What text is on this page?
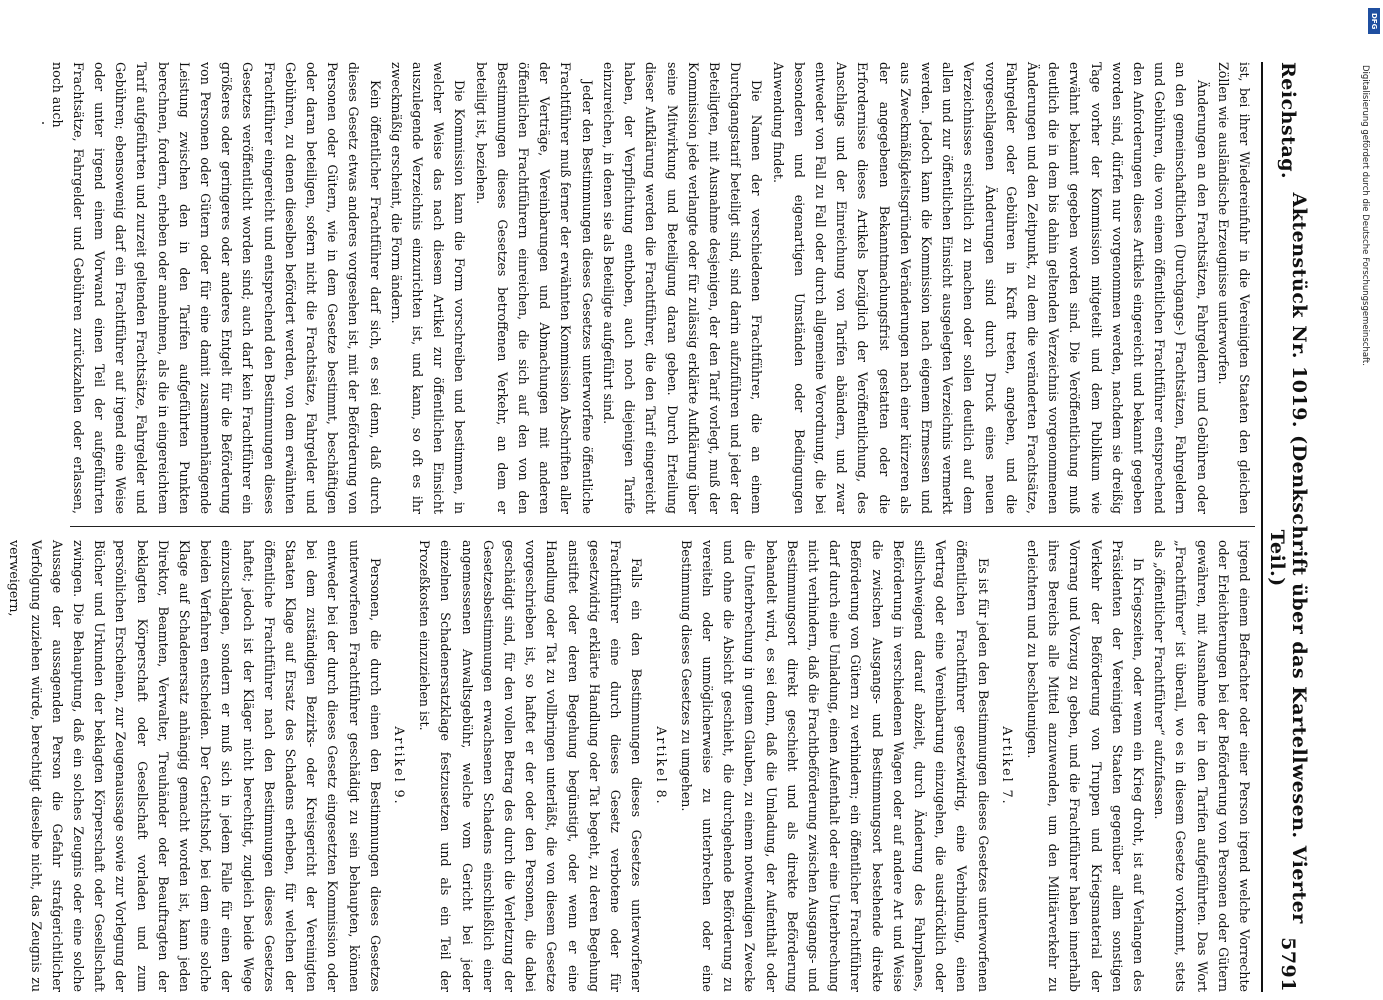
Reichstag.
Aktenstück Nr. 1019. (Denkschrift über das Kartellwesen. Vierter Teil.)
5791

ist, bei ihrer Wiedereinfuhr in die Vereinigten Staaten den gleichen Zöllen wie ausländische Erzeugnisse unterworfen.

Änderungen an den Frachtsätzen, Fahrgeldern und Gebühren oder an den gemeinschaftlichen (Durchgangs-) Frachtsätzen, Fahrgeldern und Gebühren, die von einem öffentlichen Frachtführer entsprechend den Anforderungen dieses Artikels eingereicht und bekannt gegeben worden sind, dürfen nur vorgenommen werden, nachdem sie dreißig Tage vorher der Kommission mitgeteilt und dem Publikum wie erwähnt bekannt gegeben worden sind. Die Veröffentlichung muß deutlich die in dem bis dahin geltenden Verzeichnis vorgenommenen Änderungen und den Zeitpunkt, zu dem die veränderten Frachtsätze, Fahrgelder oder Gebühren in Kraft treten, angeben, und die vorgeschlagenen Änderungen sind durch Druck eines neuen Verzeichnisses ersichtlich zu machen oder sollen deutlich auf dem allen und zur öffentlichen Einsicht ausgelegten Verzeichnis vermerkt werden. Jedoch kann die Kommission nach eigenem Ermessen und aus Zweckmäßigkeitsgründen Veränderungen nach einer kürzeren als der angegebenen Bekanntmachungsfrist gestatten oder die Erfordernisse dieses Artikels bezüglich der Veröffentlichung, des Anschlags und der Einreichung von Tarifen abändern, und zwar entweder von Fall zu Fall oder durch allgemeine Verordnung, die bei besonderen und eigenartigen Umständen oder Bedingungen Anwendung findet.

Die Namen der verschiedenen Frachtführer, die an einem Durchgangstarif beteiligt sind, sind darin aufzuführen und jeder der Beteiligten, mit Ausnahme desjenigen, der den Tarif vorlegt, muß der Kommission jede verlangte oder für zulässig erklärte Aufklärung über seine Mitwirkung und Beteiligung daran geben. Durch Erteilung dieser Aufklärung werden die Frachtführer, die den Tarif eingereicht haben, der Verpflichtung enthoben, auch noch diejenigen Tarife einzureichen, in denen sie als Beteiligte aufgeführt sind.

Jeder den Bestimmungen dieses Gesetzes unterworfene öffentliche Frachtführer muß ferner der erwähnten Kommission Abschriften aller der Verträge, Vereinbarungen und Abmachungen mit anderen öffentlichen Frachtführern einreichen, die sich auf den von den Bestimmungen dieses Gesetzes betroffenen Verkehr, an dem er beteiligt ist, beziehen.

Die Kommission kann die Form vorschreiben und bestimmen, in welcher Weise das nach diesem Artikel zur öffentlichen Einsicht auszulegende Verzeichnis einzurichten ist, und kann, so oft es ihr zweckmäßig erscheint, die Form ändern.

Kein öffentlicher Frachtführer darf sich, es sei denn, daß durch dieses Gesetz etwas anderes vorgesehen ist, mit der Beförderung von Personen oder Gütern, wie in dem Gesetze bestimmt, beschäftigen oder daran beteiligen, sofern nicht die Frachtsätze, Fahrgelder und Gebühren, zu denen dieselben befördert werden, von dem erwähnten Frachtführer eingereicht und entsprechend den Bestimmungen dieses Gesetzes veröffentlicht worden sind; auch darf kein Frachtführer ein größeres oder geringeres oder anderes Entgelt für die Beförderung von Personen oder Gütern oder für eine damit zusammenhängende Leistung zwischen den in den Tarifen aufgeführten Punkten berechnen, fordern, erheben oder annehmen, als die in eingereichtem Tarif aufgeführten und zurzeit geltenden Frachtsätze, Fahrgelder und Gebühren; ebensowenig darf ein Frachtführer auf irgend eine Weise oder unter irgend einem Vorwand einen Teil der aufgeführten Frachtsätze, Fahrgelder und Gebühren zurückzahlen oder erlassen, noch auch

irgend einem Befrachter oder einer Person irgend welche Vorrechte oder Erleichterungen bei der Beförderung von Personen oder Gütern gewähren, mit Ausnahme der in den Tarifen aufgeführten. Das Wort „Frachtführer“ ist überall, wo es in diesem Gesetze vorkommt, stets als „öffentlicher Frachtführer“ aufzufassen.

In Kriegszeiten, oder wenn ein Krieg droht, ist auf Verlangen des Präsidenten der Vereinigten Staaten gegenüber allem sonstigen Verkehr der Beförderung von Truppen und Kriegsmaterial der Vorrang und Vorzug zu geben, und die Frachtführer haben innerhalb ihres Bereichs alle Mittel anzuwenden, um den Militärverkehr zu erleichtern und zu beschleunigen.

Artikel 7.

Es ist für jeden den Bestimmungen dieses Gesetzes unterworfenen öffentlichen Frachtführer gesetzwidrig, eine Verbindung, einen Vertrag oder eine Vereinbarung einzugehen, die ausdrücklich oder stillschweigend darauf abzielt, durch Änderung des Fahrplanes, Beförderung in verschiedenen Wagen oder auf andere Art und Weise die zwischen Ausgangs- und Bestimmungsort bestehende direkte Beförderung von Gütern zu verhindern; ein öffentlicher Frachtführer darf durch eine Umladung, einen Aufenthalt oder eine Unterbrechung nicht verhindern, daß die Frachtbeförderung zwischen Ausgangs- und Bestimmungsort direkt geschieht und als direkte Beförderung behandelt wird, es sei denn, daß die Umladung, der Aufenthalt oder die Unterbrechung in gutem Glauben, zu einem notwendigen Zwecke und ohne die Absicht geschieht, die durchgehende Beförderung zu vereiteln oder unmöglicherweise zu unterbrechen oder eine Bestimmung dieses Gesetzes zu umgehen.

Artikel 8.

Falls ein den Bestimmungen dieses Gesetzes unterworfener Frachtführer eine durch dieses Gesetz verbotene oder für gesetzwidrig erklärte Handlung oder Tat begeht, zu deren Begehung anstiftet oder deren Begehung begünstigt, oder wenn er eine Handlung oder Tat zu vollbringen unterläßt, die von diesem Gesetze vorgeschrieben ist, so haftet er der oder den Personen, die dabei geschädigt sind, für den vollen Betrag des durch die Verletzung der Gesetzesbestimmungen erwachsenen Schadens einschließlich einer angemessenen Anwaltsgebühr, welche vom Gericht bei jeder einzelnen Schadenersatzklage festzusetzen und als ein Teil der Prozeßkosten einzuziehen ist.

Artikel 9.

Personen, die durch einen den Bestimmungen dieses Gesetzes unterworfenen Frachtführer geschädigt zu sein behaupten, können entweder bei der durch dieses Gesetz eingesetzten Kommission oder bei dem zuständigen Bezirks- oder Kreisgericht der Vereinigten Staaten Klage auf Ersatz des Schadens erheben, für welchen der öffentliche Frachtführer nach den Bestimmungen dieses Gesetzes haftet; jedoch ist der Kläger nicht berechtigt, zugleich beide Wege einzuschlagen, sondern er muß sich in jedem Falle für einen der beiden Verfahren entscheiden. Der Gerichtshof, bei dem eine solche Klage auf Schadenersatz anhängig gemacht worden ist, kann jeden Direktor, Beamten, Verwalter, Treuhänder oder Beauftragten der beklagten Körperschaft oder Gesellschaft vorladen und zum persönlichen Erscheinen, zur Zeugenaussage sowie zur Vorlegung der Bücher und Urkunden der beklagten Körperschaft oder Gesellschaft zwingen. Die Behauptung, daß ein solches Zeugnis oder eine solche Aussage der aussagenden Person die Gefahr strafgerichtlicher Verfolgung zuziehen würde, berechtigt dieselbe nicht, das Zeugnis zu verweigern,

DFG
Digitalisierung gefördert durch die Deutsche Forschungsgemeinschaft.
